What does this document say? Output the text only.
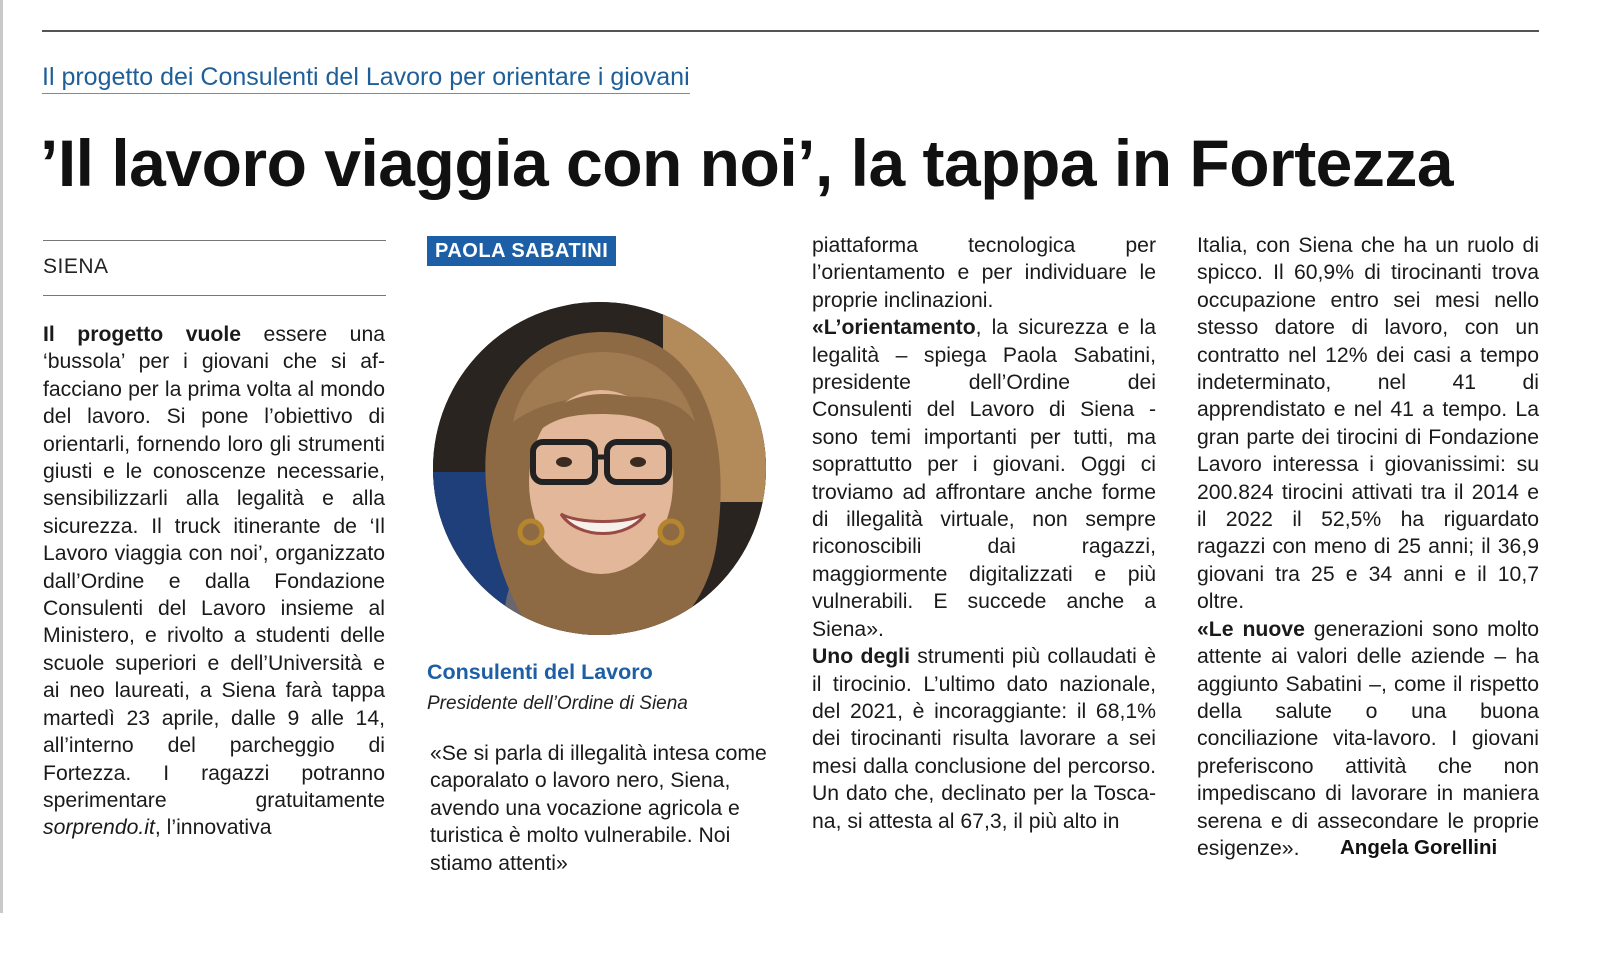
Il progetto dei Consulenti del Lavoro per orientare i giovani

’Il lavoro viaggia con noi’, la tappa in Fortezza
SIENA

Il progetto vuole essere una ‘bussola’ per i giovani che si affacciano per la prima volta al mondo del lavoro. Si pone l’obiettivo di orientarli, fornendo loro gli strumenti giusti e le conoscenze necessarie, sensibilizzarli alla legalità e alla sicurezza. Il truck itinerante de ‘Il Lavoro viaggia con noi’, organizzato dall’Ordine e dalla Fondazione Consulenti del Lavoro insieme al Ministero, e rivolto a studenti delle scuole superiori e dell’Università e ai neo laureati, a Siena farà tappa martedì 23 aprile, dalle 9 alle 14, all’interno del parcheggio di Fortezza. I ragazzi potranno sperimentare gratuitamente sorprendo.it, l’innovativa

PAOLA SABATINI

Consulenti del Lavoro

Presidente dell’Ordine di Siena

«Se si parla di illegalità intesa come caporalato o lavoro nero, Siena, avendo una vocazione agricola e turistica è molto vulnerabile. Noi stiamo attenti»

piattaforma tecnologica per l’orientamento e per individuare le proprie inclinazioni.

«L’orientamento, la sicurezza e la legalità – spiega Paola Sabatini, presidente dell’Ordine dei Consulenti del Lavoro di Siena - sono temi importanti per tutti, ma soprattutto per i giovani. Oggi ci troviamo ad affrontare anche forme di illegalità virtuale, non sempre riconoscibili dai ragazzi, maggiormente digitalizzati e più vulnerabili. E succede anche a Siena».

Uno degli strumenti più collaudati è il tirocinio. L’ultimo dato nazionale, del 2021, è incoraggiante: il 68,1% dei tirocinanti risulta lavorare a sei mesi dalla conclusione del percorso. Un dato che, declinato per la Toscana, si attesta al 67,3, il più alto in

Italia, con Siena che ha un ruolo di spicco. Il 60,9% di tirocinanti trova occupazione entro sei mesi nello stesso datore di lavoro, con un contratto nel 12% dei casi a tempo indeterminato, nel 41 di apprendistato e nel 41 a tempo. La gran parte dei tirocini di Fondazione Lavoro interessa i giovanissimi: su 200.824 tirocini attivati tra il 2014 e il 2022 il 52,5% ha riguardato ragazzi con meno di 25 anni; il 36,9 giovani tra 25 e 34 anni e il 10,7 oltre.

«Le nuove generazioni sono molto attente ai valori delle aziende – ha aggiunto Sabatini –, come il rispetto della salute o una buona conciliazione vita-lavoro. I giovani preferiscono attività che non impediscano di lavorare in maniera serena e di assecondare le proprie esigenze».	Angela Gorellini
